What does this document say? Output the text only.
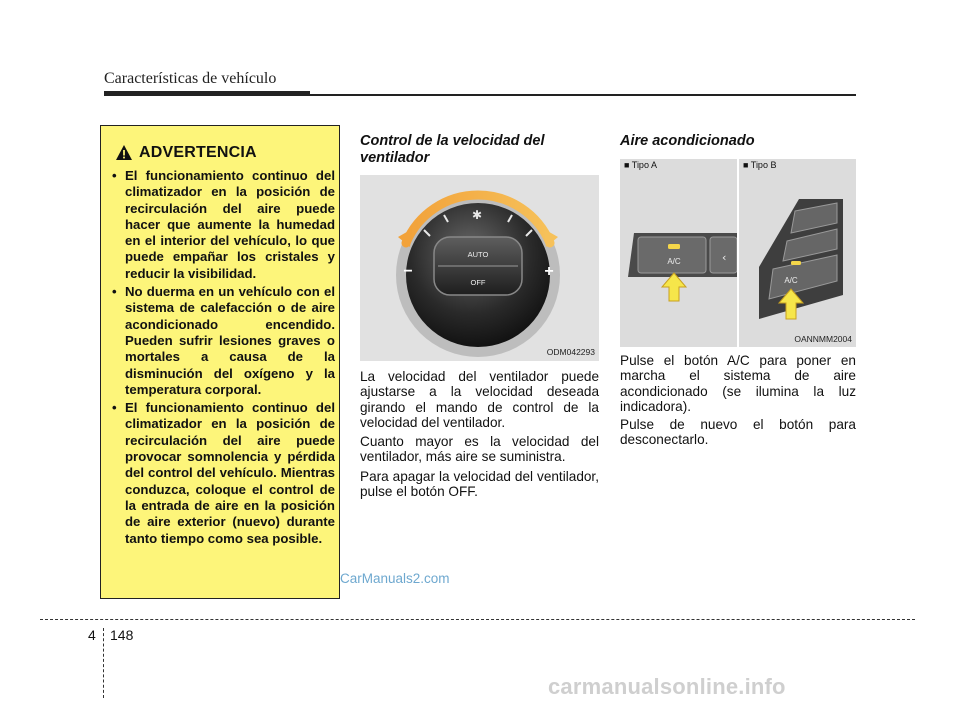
Características de vehículo
ADVERTENCIA
• El funcionamiento continuo del climatizador en la posición de recirculación del aire puede hacer que aumente la humedad en el interior del vehículo, lo que puede empañar los cristales y reducir la visibilidad.
• No duerma en un vehículo con el sistema de calefacción o de aire acondicionado encendido. Pueden sufrir lesiones graves o mortales a causa de la disminución del oxígeno y la temperatura corporal.
• El funcionamiento continuo del climatizador en la posición de recirculación del aire puede provocar somnolencia y pérdida del control del vehículo. Mientras conduzca, coloque el control de la entrada de aire en la posición de aire exterior (nuevo) durante tanto tiempo como sea posible.
Control de la velocidad del ventilador
✱
AUTO
OFF
−	+
ODM042293

La velocidad del ventilador puede ajustarse a la velocidad deseada girando el mando de control de la velocidad del ventilador.

Cuanto mayor es la velocidad del ventilador, más aire se suministra.

Para apagar la velocidad del ventilador, pulse el botón OFF.

Aire acondicionado
‹
A/C
■ Tipo A
A/C
■ Tipo B
OANNMM2004

Pulse el botón A/C para poner en marcha el sistema de aire acondicionado (se ilumina la luz indicadora).

Pulse de nuevo el botón para desconectarlo.

CarManuals2.com
4 148
carmanualsonline.info
